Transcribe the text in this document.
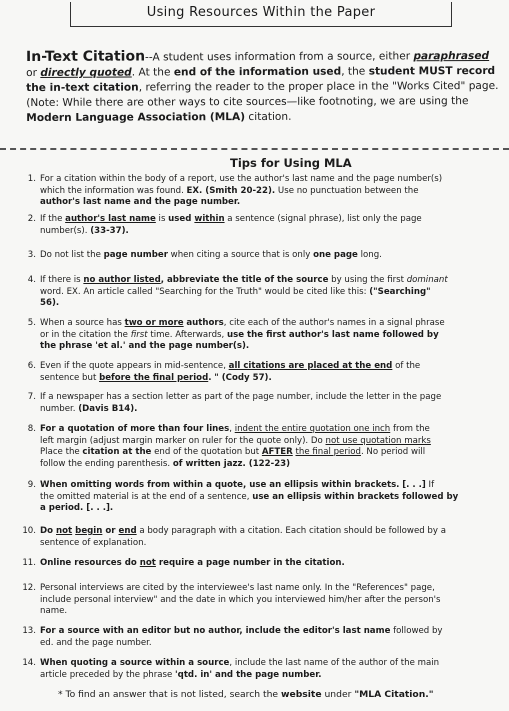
Using Resources Within the Paper
In-Text Citation--A student uses information from a source, either paraphrased or directly quoted. At the end of the information used, the student MUST record the in-text citation, referring the reader to the proper place in the "Works Cited" page. (Note: While there are other ways to cite sources—like footnoting, we are using the Modern Language Association (MLA) citation.
Tips for Using MLA
1. For a citation within the body of a report, use the author's last name and the page number(s)
which the information was found. EX. (Smith 20-22). Use no punctuation between the
author's last name and the page number.
2. If the author's last name is used within a sentence (signal phrase), list only the page
number(s). (33-37).
3. Do not list the page number when citing a source that is only one page long.
4. If there is no author listed, abbreviate the title of the source by using the first dominant
word. EX. An article called "Searching for the Truth" would be cited like this: ("Searching"
56).
5. When a source has two or more authors, cite each of the author's names in a signal phrase
or in the citation the first time. Afterwards, use the first author's last name followed by
the phrase 'et al.' and the page number(s).
6. Even if the quote appears in mid-sentence, all citations are placed at the end of the
sentence but before the final period. " (Cody 57).
7. If a newspaper has a section letter as part of the page number, include the letter in the page
number. (Davis B14).
8. For a quotation of more than four lines, indent the entire quotation one inch from the
left margin (adjust margin marker on ruler for the quote only). Do not use quotation marks
Place the citation at the end of the quotation but AFTER the final period. No period will
follow the ending parenthesis. of written jazz. (122-23)
9. When omitting words from within a quote, use an ellipsis within brackets. [. . .] If
the omitted material is at the end of a sentence, use an ellipsis within brackets followed by
a period. [. . .].
10. Do not begin or end a body paragraph with a citation. Each citation should be followed by a
sentence of explanation.
11. Online resources do not require a page number in the citation.
12. Personal interviews are cited by the interviewee's last name only. In the "References" page,
include personal interview" and the date in which you interviewed him/her after the person's
name.
13. For a source with an editor but no author, include the editor's last name followed by
ed. and the page number.
14. When quoting a source within a source, include the last name of the author of the main
article preceded by the phrase 'qtd. in' and the page number.
* To find an answer that is not listed, search the website under "MLA Citation."
